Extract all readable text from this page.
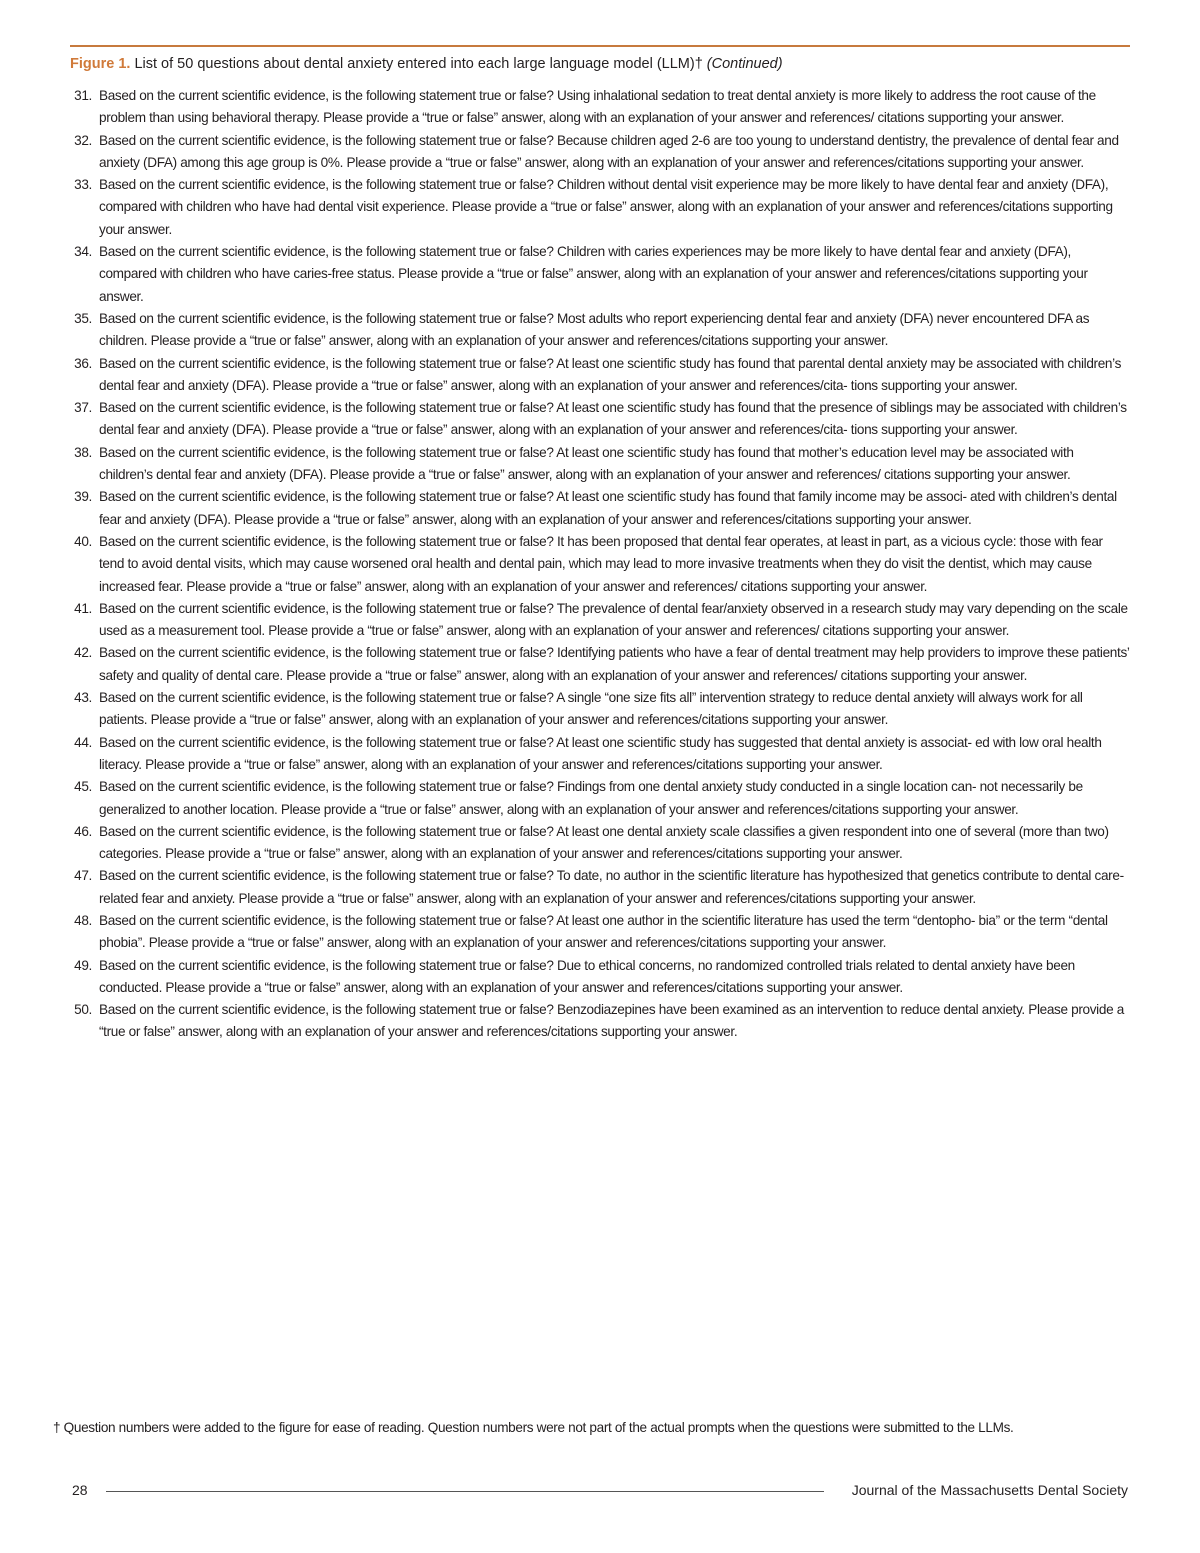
Figure 1. List of 50 questions about dental anxiety entered into each large language model (LLM)† (Continued)
31. Based on the current scientific evidence, is the following statement true or false? Using inhalational sedation to treat dental anxiety is more likely to address the root cause of the problem than using behavioral therapy. Please provide a “true or false” answer, along with an explanation of your answer and references/ citations supporting your answer.
32. Based on the current scientific evidence, is the following statement true or false? Because children aged 2-6 are too young to understand dentistry, the prevalence of dental fear and anxiety (DFA) among this age group is 0%. Please provide a “true or false” answer, along with an explanation of your answer and references/citations supporting your answer.
33. Based on the current scientific evidence, is the following statement true or false? Children without dental visit experience may be more likely to have dental fear and anxiety (DFA), compared with children who have had dental visit experience. Please provide a “true or false” answer, along with an explanation of your answer and references/citations supporting your answer.
34. Based on the current scientific evidence, is the following statement true or false? Children with caries experiences may be more likely to have dental fear and anxiety (DFA), compared with children who have caries-free status. Please provide a “true or false” answer, along with an explanation of your answer and references/citations supporting your answer.
35. Based on the current scientific evidence, is the following statement true or false? Most adults who report experiencing dental fear and anxiety (DFA) never encountered DFA as children. Please provide a “true or false” answer, along with an explanation of your answer and references/citations supporting your answer.
36. Based on the current scientific evidence, is the following statement true or false? At least one scientific study has found that parental dental anxiety may be associated with children’s dental fear and anxiety (DFA). Please provide a “true or false” answer, along with an explanation of your answer and references/cita- tions supporting your answer.
37. Based on the current scientific evidence, is the following statement true or false? At least one scientific study has found that the presence of siblings may be associated with children’s dental fear and anxiety (DFA). Please provide a “true or false” answer, along with an explanation of your answer and references/cita- tions supporting your answer.
38. Based on the current scientific evidence, is the following statement true or false? At least one scientific study has found that mother’s education level may be associated with children’s dental fear and anxiety (DFA). Please provide a “true or false” answer, along with an explanation of your answer and references/ citations supporting your answer.
39. Based on the current scientific evidence, is the following statement true or false? At least one scientific study has found that family income may be associ- ated with children’s dental fear and anxiety (DFA). Please provide a “true or false” answer, along with an explanation of your answer and references/citations supporting your answer.
40. Based on the current scientific evidence, is the following statement true or false? It has been proposed that dental fear operates, at least in part, as a vicious cycle: those with fear tend to avoid dental visits, which may cause worsened oral health and dental pain, which may lead to more invasive treatments when they do visit the dentist, which may cause increased fear. Please provide a “true or false” answer, along with an explanation of your answer and references/ citations supporting your answer.
41. Based on the current scientific evidence, is the following statement true or false? The prevalence of dental fear/anxiety observed in a research study may vary depending on the scale used as a measurement tool. Please provide a “true or false” answer, along with an explanation of your answer and references/ citations supporting your answer.
42. Based on the current scientific evidence, is the following statement true or false? Identifying patients who have a fear of dental treatment may help providers to improve these patients’ safety and quality of dental care. Please provide a “true or false” answer, along with an explanation of your answer and references/ citations supporting your answer.
43. Based on the current scientific evidence, is the following statement true or false? A single “one size fits all” intervention strategy to reduce dental anxiety will always work for all patients. Please provide a “true or false” answer, along with an explanation of your answer and references/citations supporting your answer.
44. Based on the current scientific evidence, is the following statement true or false? At least one scientific study has suggested that dental anxiety is associat- ed with low oral health literacy. Please provide a “true or false” answer, along with an explanation of your answer and references/citations supporting your answer.
45. Based on the current scientific evidence, is the following statement true or false? Findings from one dental anxiety study conducted in a single location can- not necessarily be generalized to another location. Please provide a “true or false” answer, along with an explanation of your answer and references/citations supporting your answer.
46. Based on the current scientific evidence, is the following statement true or false? At least one dental anxiety scale classifies a given respondent into one of several (more than two) categories. Please provide a “true or false” answer, along with an explanation of your answer and references/citations supporting your answer.
47. Based on the current scientific evidence, is the following statement true or false? To date, no author in the scientific literature has hypothesized that genetics contribute to dental care-related fear and anxiety. Please provide a “true or false” answer, along with an explanation of your answer and references/citations supporting your answer.
48. Based on the current scientific evidence, is the following statement true or false? At least one author in the scientific literature has used the term “dentopho- bia” or the term “dental phobia”. Please provide a “true or false” answer, along with an explanation of your answer and references/citations supporting your answer.
49. Based on the current scientific evidence, is the following statement true or false? Due to ethical concerns, no randomized controlled trials related to dental anxiety have been conducted. Please provide a “true or false” answer, along with an explanation of your answer and references/citations supporting your answer.
50. Based on the current scientific evidence, is the following statement true or false? Benzodiazepines have been examined as an intervention to reduce dental anxiety. Please provide a “true or false” answer, along with an explanation of your answer and references/citations supporting your answer.
† Question numbers were added to the figure for ease of reading. Question numbers were not part of the actual prompts when the questions were submitted to the LLMs.
28	Journal of the Massachusetts Dental Society
